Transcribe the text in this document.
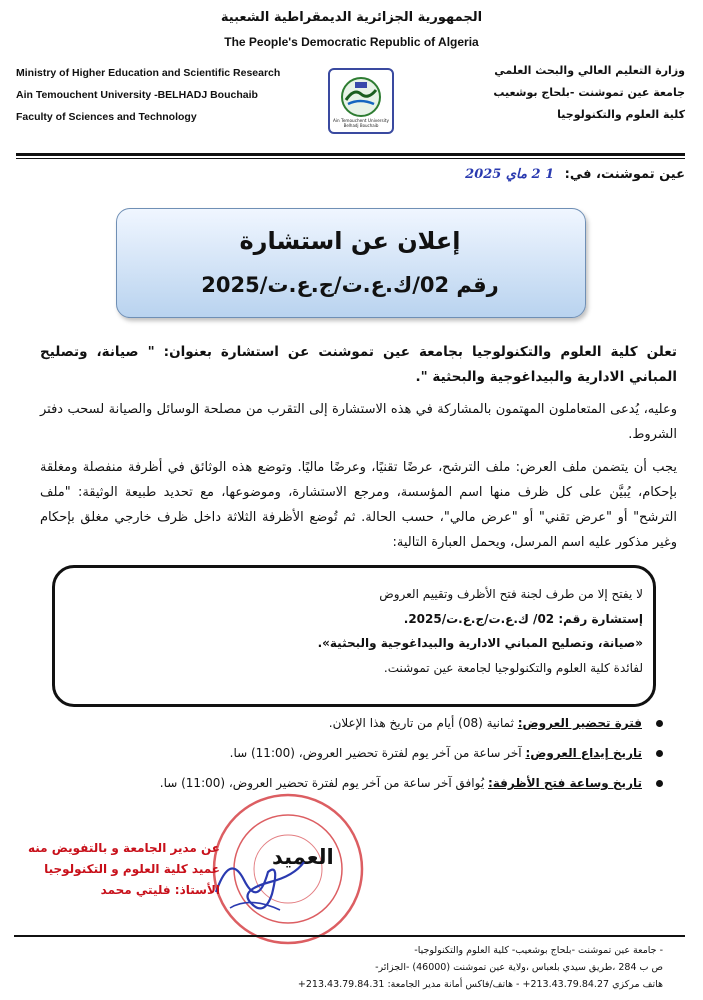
الجمهورية الجزائرية الديمقراطية الشعبية
The People's Democratic Republic of Algeria
Ministry of Higher Education and Scientific Research
Ain Temouchent University -BELHADJ Bouchaib
Faculty of Sciences and Technology
وزارة التعليم العالي والبحث العلمي
جامعة عين تموشنت -بلحاج بوشعيب
كلية العلوم والتكنولوجيا
Ain Temouchent University
Belhadj Bouchaib
عين تموشنت، في: 1 2 ماي 2025
إعلان عن استشارة
رقم 02/ك.ع.ت/ج.ع.ت/2025
تعلن كلية العلوم والتكنولوجيا بجامعة عين تموشنت عن استشارة بعنوان: " صيانة، وتصليح المباني الادارية والبيداغوجية والبحثية ".
وعليه، يُدعى المتعاملون المهتمون بالمشاركة في هذه الاستشارة إلى التقرب من مصلحة الوسائل والصيانة لسحب دفتر الشروط.
يجب أن يتضمن ملف العرض: ملف الترشح، عرضًا تقنيًا، وعرضًا ماليًا. وتوضع هذه الوثائق في أظرفة منفصلة ومغلقة بإحكام، يُبيَّن على كل ظرف منها اسم المؤسسة، ومرجع الاستشارة، وموضوعها، مع تحديد طبيعة الوثيقة: "ملف الترشح" أو "عرض تقني" أو "عرض مالي"، حسب الحالة. ثم تُوضع الأظرفة الثلاثة داخل ظرف خارجي مغلق بإحكام وغير مذكور عليه اسم المرسل، ويحمل العبارة التالية:
لا يفتح إلا من طرف لجنة فتح الأظرف وتقييم العروض
إستشارة رقم: 02/ ك.ع.ت/ج.ع.ت/2025.
«صيانة، وتصليح المباني الادارية والبيداغوجية والبحثية».
لفائدة كلية العلوم والتكنولوجيا لجامعة عين تموشنت.
فترة تحضير العروض: ثمانية (08) أيام من تاريخ هذا الإعلان.
تاريخ إيداع العروض: آخر ساعة من آخر يوم لفترة تحضير العروض، (11:00) سا.
تاريخ وساعة فتح الأظرفة: يُوافق آخر ساعة من آخر يوم لفترة تحضير العروض، (11:00) سا.
العميد
عن مدير الجامعة و بالتفويض منه
عميد كلية العلوم و التكنولوجيا
الأستاذ: فليتي محمد
- جامعة عين تموشنت -بلحاج بوشعيب- كلية العلوم والتكنولوجيا-
ص ب 284 ،طريق سيدي بلعباس ،ولاية عين تموشنت (46000) -الجزائر-
هاتف مركزي 213.43.79.84.27+ - هاتف/فاكس أمانة مدير الجامعة: 213.43.79.84.31+
